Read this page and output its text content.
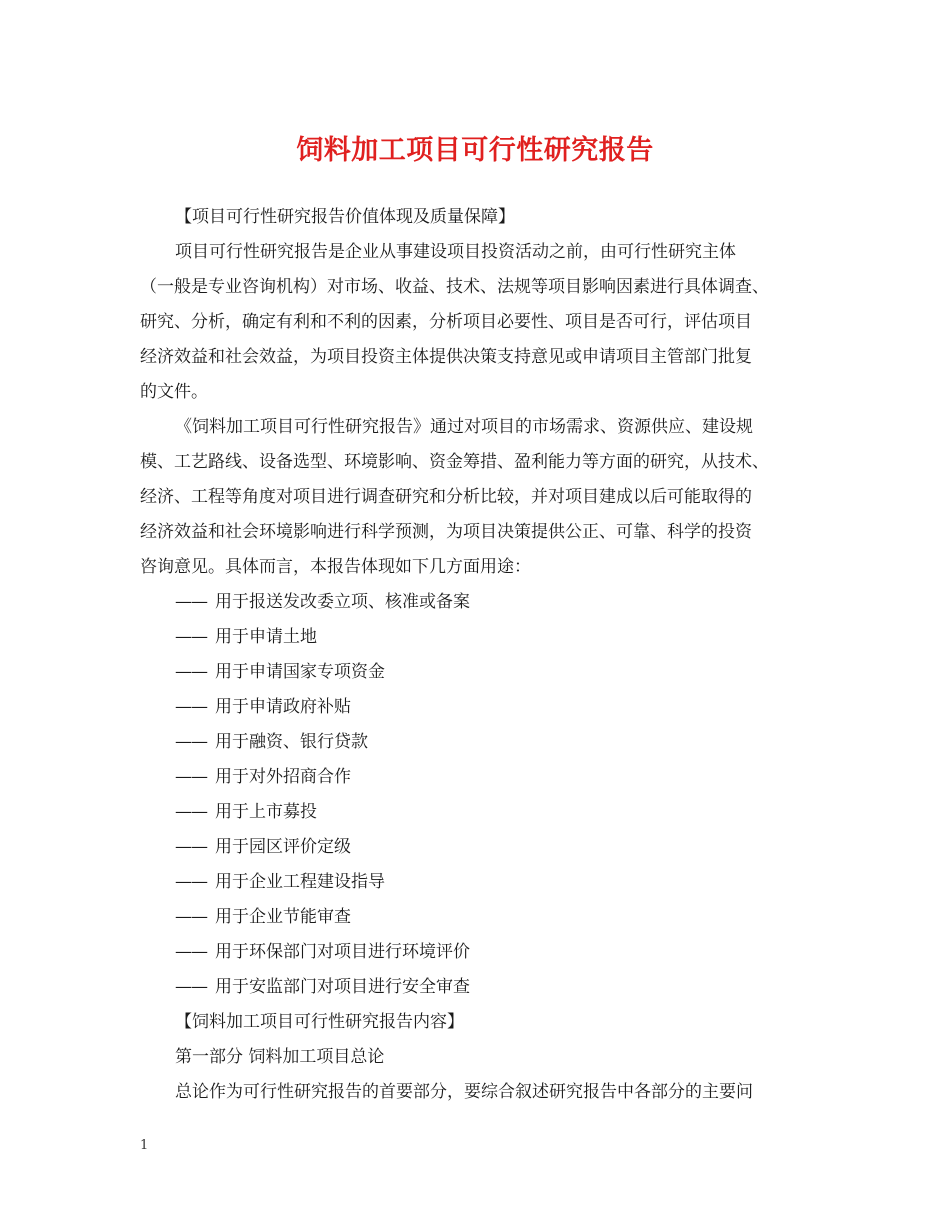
饲料加工项目可行性研究报告
【项目可行性研究报告价值体现及质量保障】
项目可行性研究报告是企业从事建设项目投资活动之前，由可行性研究主体
（一般是专业咨询机构）对市场、收益、技术、法规等项目影响因素进行具体调查、
研究、分析，确定有利和不利的因素，分析项目必要性、项目是否可行，评估项目
经济效益和社会效益，为项目投资主体提供决策支持意见或申请项目主管部门批复
的文件。
《饲料加工项目可行性研究报告》通过对项目的市场需求、资源供应、建设规
模、工艺路线、设备选型、环境影响、资金筹措、盈利能力等方面的研究，从技术、
经济、工程等角度对项目进行调查研究和分析比较，并对项目建成以后可能取得的
经济效益和社会环境影响进行科学预测，为项目决策提供公正、可靠、科学的投资
咨询意见。具体而言，本报告体现如下几方面用途：
—— 用于报送发改委立项、核准或备案
—— 用于申请土地
—— 用于申请国家专项资金
—— 用于申请政府补贴
—— 用于融资、银行贷款
—— 用于对外招商合作
—— 用于上市募投
—— 用于园区评价定级
—— 用于企业工程建设指导
—— 用于企业节能审查
—— 用于环保部门对项目进行环境评价
—— 用于安监部门对项目进行安全审查
【饲料加工项目可行性研究报告内容】
第一部分 饲料加工项目总论
总论作为可行性研究报告的首要部分，要综合叙述研究报告中各部分的主要问
1
